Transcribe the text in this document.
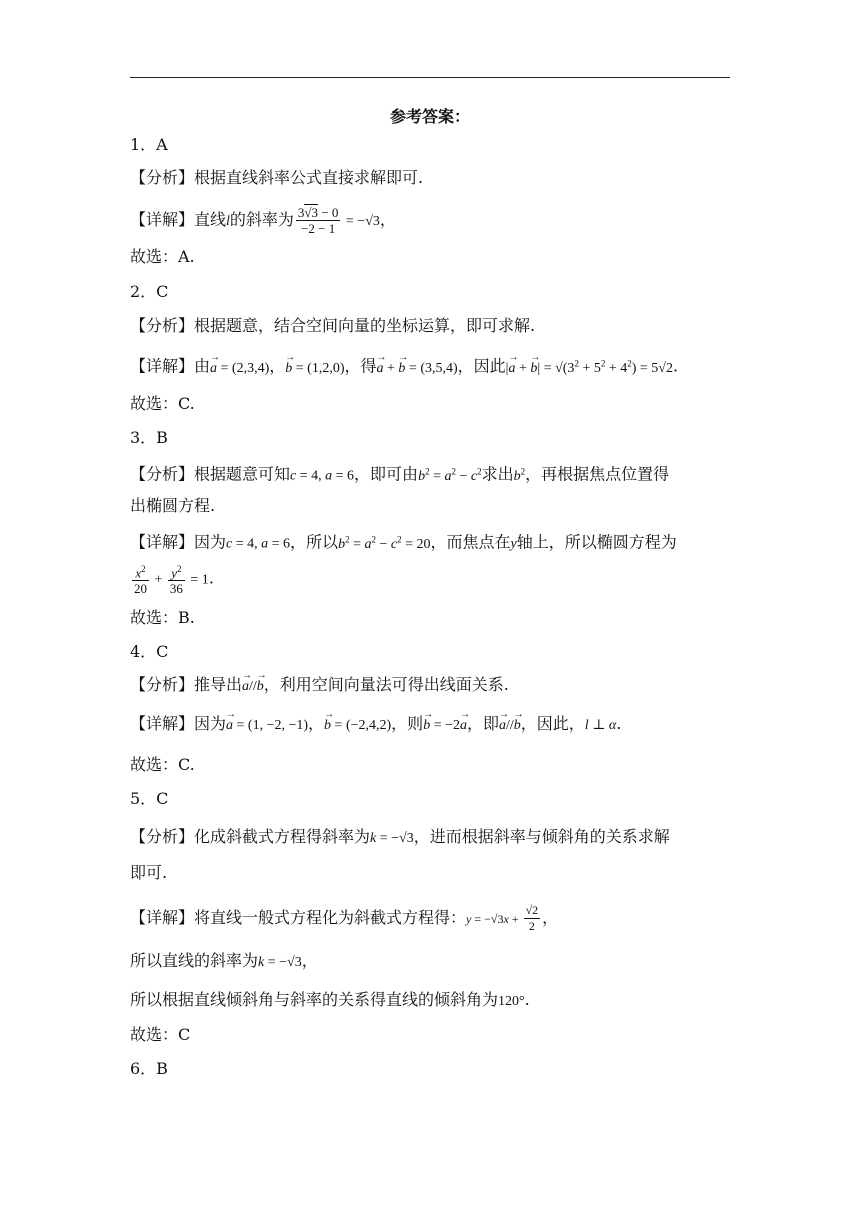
参考答案：
1．A
【分析】根据直线斜率公式直接求解即可.
【详解】直线l的斜率为 $\frac{3√3 - 0}{-2 - 1} = -√3$，
故选：A.
2．C
【分析】根据题意，结合空间向量的坐标运算，即可求解.
【详解】由→ a = (2,3,4)，→ b = (1,2,0)，得→ a + → b = (3,5,4)，因此|→ a + → $b| = √(3^2 + 5^2 + 4^2) = 5√2$.
故选：C.
3．B
【分析】根据题意可知c = 4, a = 6，即可由$b^2 = a^2 - c^2$求出$b^2$，再根据焦点位置得
出椭圆方程.
【详解】因为c = 4, a = 6，所以$b^2 = a^2 - c^2 = 20$，而焦点在y轴上，所以椭圆方程为
$\frac{x^2}{20} + \frac{y^2}{36} = 1$.
故选：B.
4．C
【分析】推导出→ a//→ b，利用空间向量法可得出线面关系.
【详解】因为→ a = (1, −2, −1)，→ b = (−2,4,2)，则→ b = −2→ a，即→ a//→ b，因此，l ⊥ α.
故选：C.
5．C
【分析】化成斜截式方程得斜率为k = −√3，进而根据斜率与倾斜角的关系求解
即可.
【详解】将直线一般式方程化为斜截式方程得：$y = -√3x + \frac{√2}{2}$ ，
所以直线的斜率为k = −√3，
所以根据直线倾斜角与斜率的关系得直线的倾斜角为120°.
故选：C
6．B
